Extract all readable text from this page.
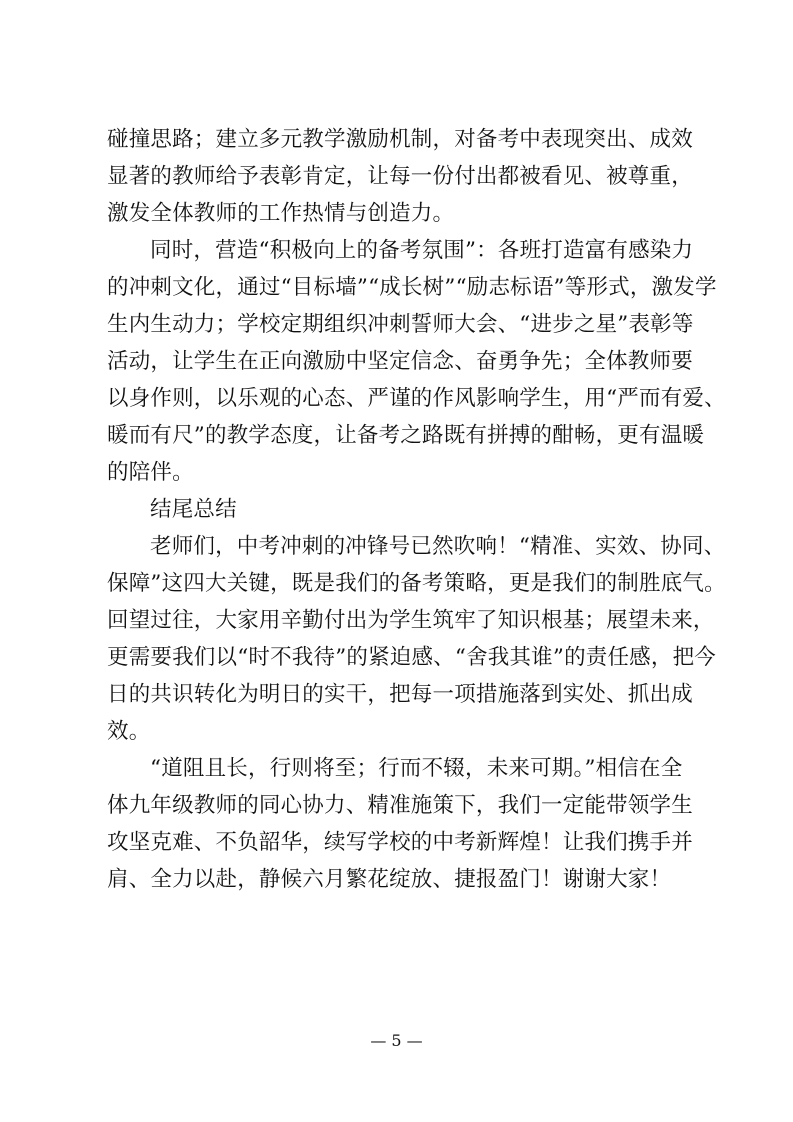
碰撞思路；建立多元教学激励机制，对备考中表现突出、成效
显著的教师给予表彰肯定，让每一份付出都被看见、被尊重，
激发全体教师的工作热情与创造力。
同时，营造“积极向上的备考氛围”：各班打造富有感染力
的冲刺文化，通过“目标墙”“成长树”“励志标语”等形式，激发学
生内生动力；学校定期组织冲刺誓师大会、“进步之星”表彰等
活动，让学生在正向激励中坚定信念、奋勇争先；全体教师要
以身作则，以乐观的心态、严谨的作风影响学生，用“严而有爱、
暖而有尺”的教学态度，让备考之路既有拼搏的酣畅，更有温暖
的陪伴。
结尾总结
老师们，中考冲刺的冲锋号已然吹响！“精准、实效、协同、
保障”这四大关键，既是我们的备考策略，更是我们的制胜底气。
回望过往，大家用辛勤付出为学生筑牢了知识根基；展望未来，
更需要我们以“时不我待”的紧迫感、“舍我其谁”的责任感，把今
日的共识转化为明日的实干，把每一项措施落到实处、抓出成
效。
“道阻且长，行则将至；行而不辍，未来可期。”相信在全
体九年级教师的同心协力、精准施策下，我们一定能带领学生
攻坚克难、不负韶华，续写学校的中考新辉煌！让我们携手并
肩、全力以赴，静候六月繁花绽放、捷报盈门！谢谢大家！
— 5 —
